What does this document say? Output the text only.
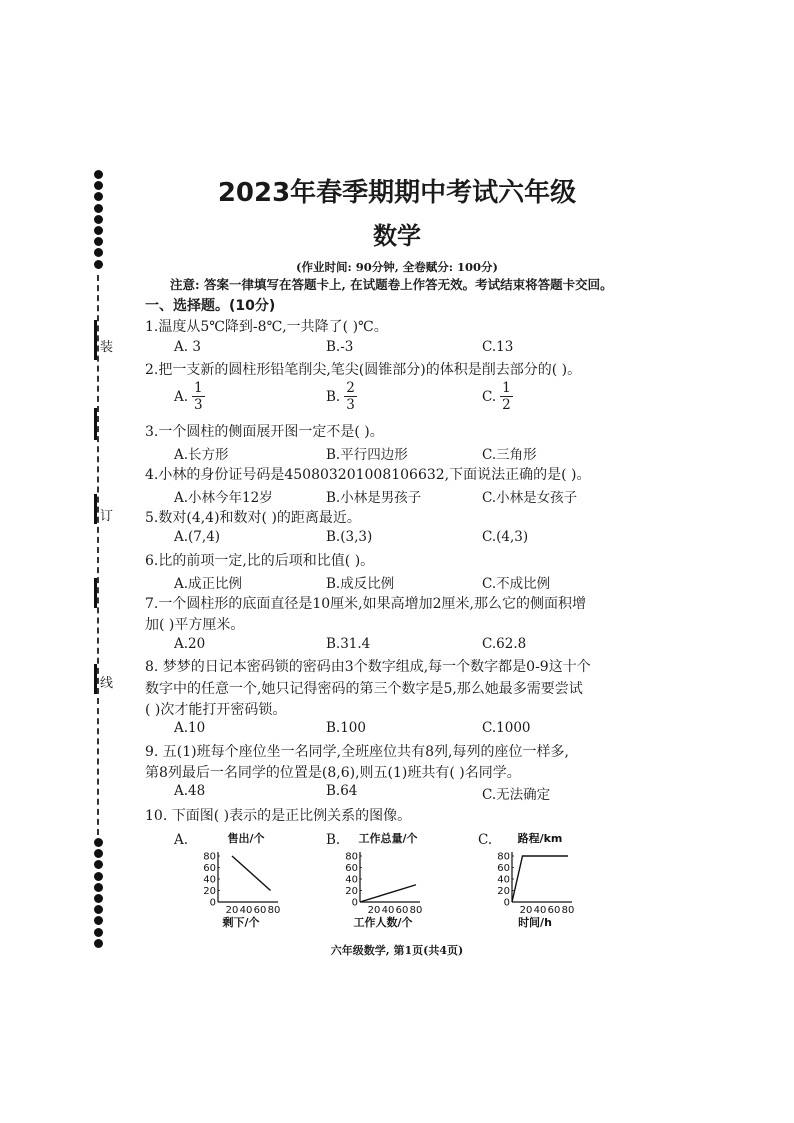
装
订
线
2023年春季期期中考试六年级
数学
(作业时间: 90分钟, 全卷赋分: 100分)
注意: 答案一律填写在答题卡上, 在试题卷上作答无效。考试结束将答题卡交回。
一、选择题。(10分)
1.温度从5℃降到-8℃,一共降了( )℃。
A. 3	B.-3	C.13
2.把一支新的圆柱形铅笔削尖,笔尖(圆锥部分)的体积是削去部分的( )。
A. $\frac{1}{3}$	B. $\frac{2}{3}$	C. $\frac{1}{2}$
3.一个圆柱的侧面展开图一定不是( )。
A.长方形	B.平行四边形	C.三角形
4.小林的身份证号码是450803201008106632,下面说法正确的是( )。
A.小林今年12岁	B.小林是男孩子	C.小林是女孩子
5.数对(4,4)和数对( )的距离最近。
A.(7,4)	B.(3,3)	C.(4,3)
6.比的前项一定,比的后项和比值( )。
A.成正比例	B.成反比例	C.不成比例
7.一个圆柱形的底面直径是10厘米,如果高增加2厘米,那么它的侧面积增
加( )平方厘米。
A.20	B.31.4	C.62.8
8. 梦梦的日记本密码锁的密码由3个数字组成,每一个数字都是0-9这十个
数字中的任意一个,她只记得密码的第三个数字是5,那么她最多需要尝试
( )次才能打开密码锁。
A.10	B.100	C.1000
9. 五(1)班每个座位坐一名同学,全班座位共有8列,每列的座位一样多,
第8列最后一名同学的位置是(8,6),则五(1)班共有( )名同学。
A.48	B.64	C.无法确定
10. 下面图( )表示的是正比例关系的图像。
A.	售出/个
0
20
40
60
80
20 40 60 80
剩下/个
B. 工作总量/个
0
20
40
60
80
20 40 60 80
工作人数/个
C. 路程/km
0
20
40
60
80
20 40 60 80
时间/h
六年级数学, 第1页(共4页)
